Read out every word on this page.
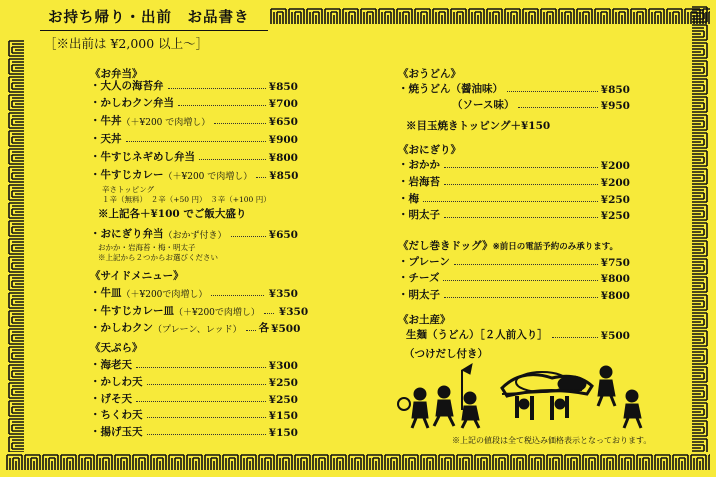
お持ち帰り・出前　お品書き
［※出前は ¥2,000 以上〜］
《お弁当》
・大人の海苔弁	¥850
・かしわクン弁当	¥700
・牛丼 （＋¥200 で肉増し）	¥650
・天丼	¥900
・牛すじネギめし弁当	¥800
・牛すじカレー （＋¥200 で肉増し） ¥850
辛さトッピング
１辛（無料）　２辛（+50 円）　３辛（+100 円）
※上記各＋¥100 でご飯大盛り
・おにぎり弁当 （おかず付き）	¥650
おかか・岩海苔・梅・明太子
※上記から２つからお選びください
《サイドメニュー》
・牛皿 （＋¥200で肉増し）	¥350
・牛すじカレー皿 （＋¥200で肉増し） ¥350
・かしわクン （プレーン、レッド） 各 ¥500
《天ぷら》
・海老天	¥300
・かしわ天	¥250
・げそ天	¥250
・ちくわ天	¥150
・揚げ玉天	¥150
《おうどん》
・焼うどん（醤油味）	¥850
（ソース味）	¥950
※目玉焼きトッピング＋¥150
《おにぎり》
・おかか	¥200
・岩海苔	¥200
・梅	¥250
・明太子	¥250
《だし巻きドッグ》※前日の電話予約のみ承ります。
・プレーン	¥750
・チーズ	¥800
・明太子	¥800
《お土産》
生麺（うどん）［２人前入り］	¥500
（つけだし付き）
※上記の値段は全て税込み価格表示となっております。
